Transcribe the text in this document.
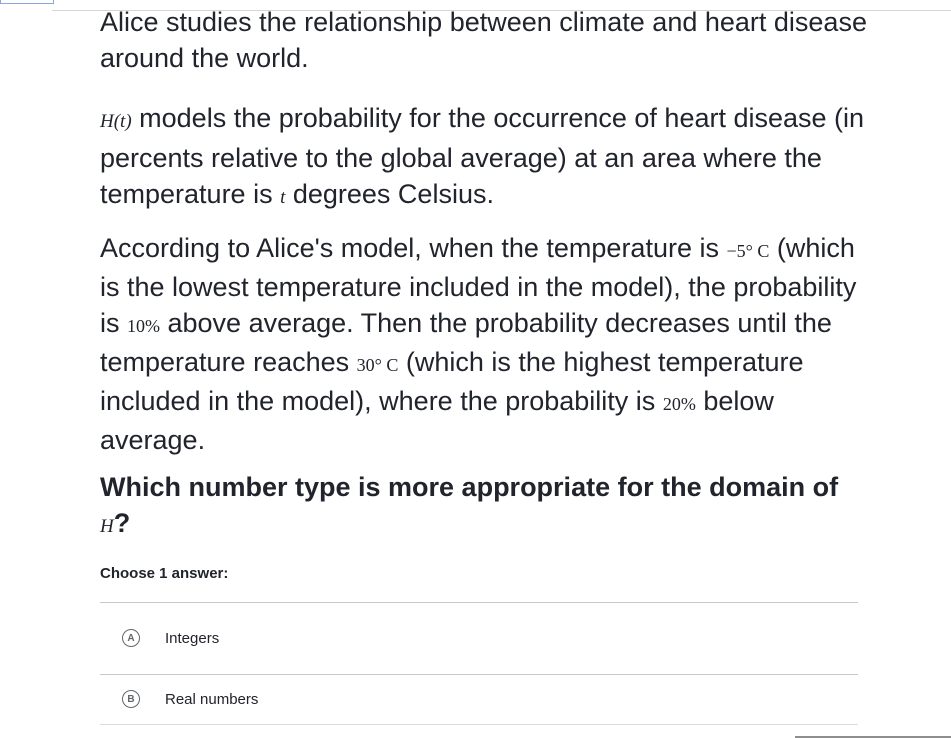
Alice studies the relationship between climate and heart disease around the world.

H(t) models the probability for the occurrence of heart disease (in percents relative to the global average) at an area where the temperature is t degrees Celsius.

According to Alice's model, when the temperature is −5° C (which is the lowest temperature included in the model), the probability is 10% above average. Then the probability decreases until the temperature reaches 30° C (which is the highest temperature included in the model), where the probability is 20% below average.

Which number type is more appropriate for the domain of
H?

Choose 1 answer:
A	Integers
B	Real numbers
